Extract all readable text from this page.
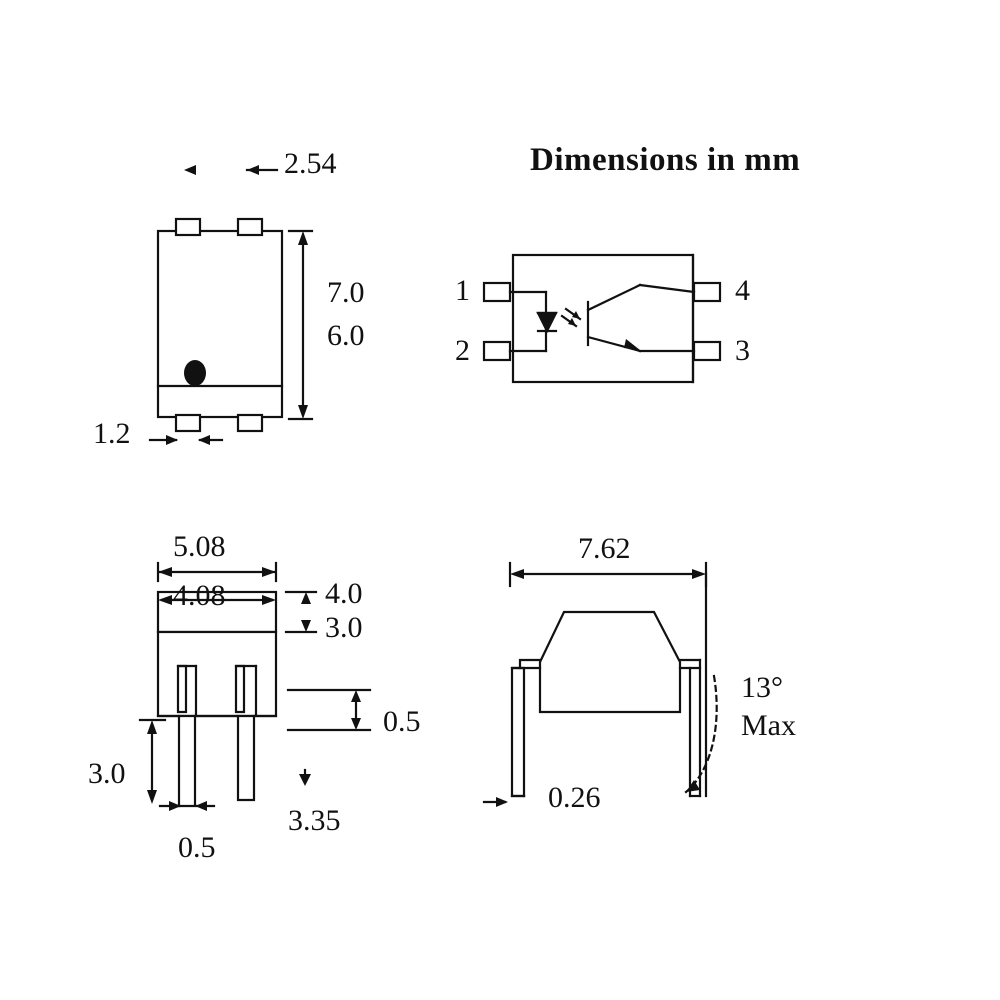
Dimensions in mm
2.54
7.0
6.0
1.2
1
2
4
3
5.08
4.08	4.0
3.0
0.5
3.0
0.5
3.35
7.62
13°
Max
0.26
